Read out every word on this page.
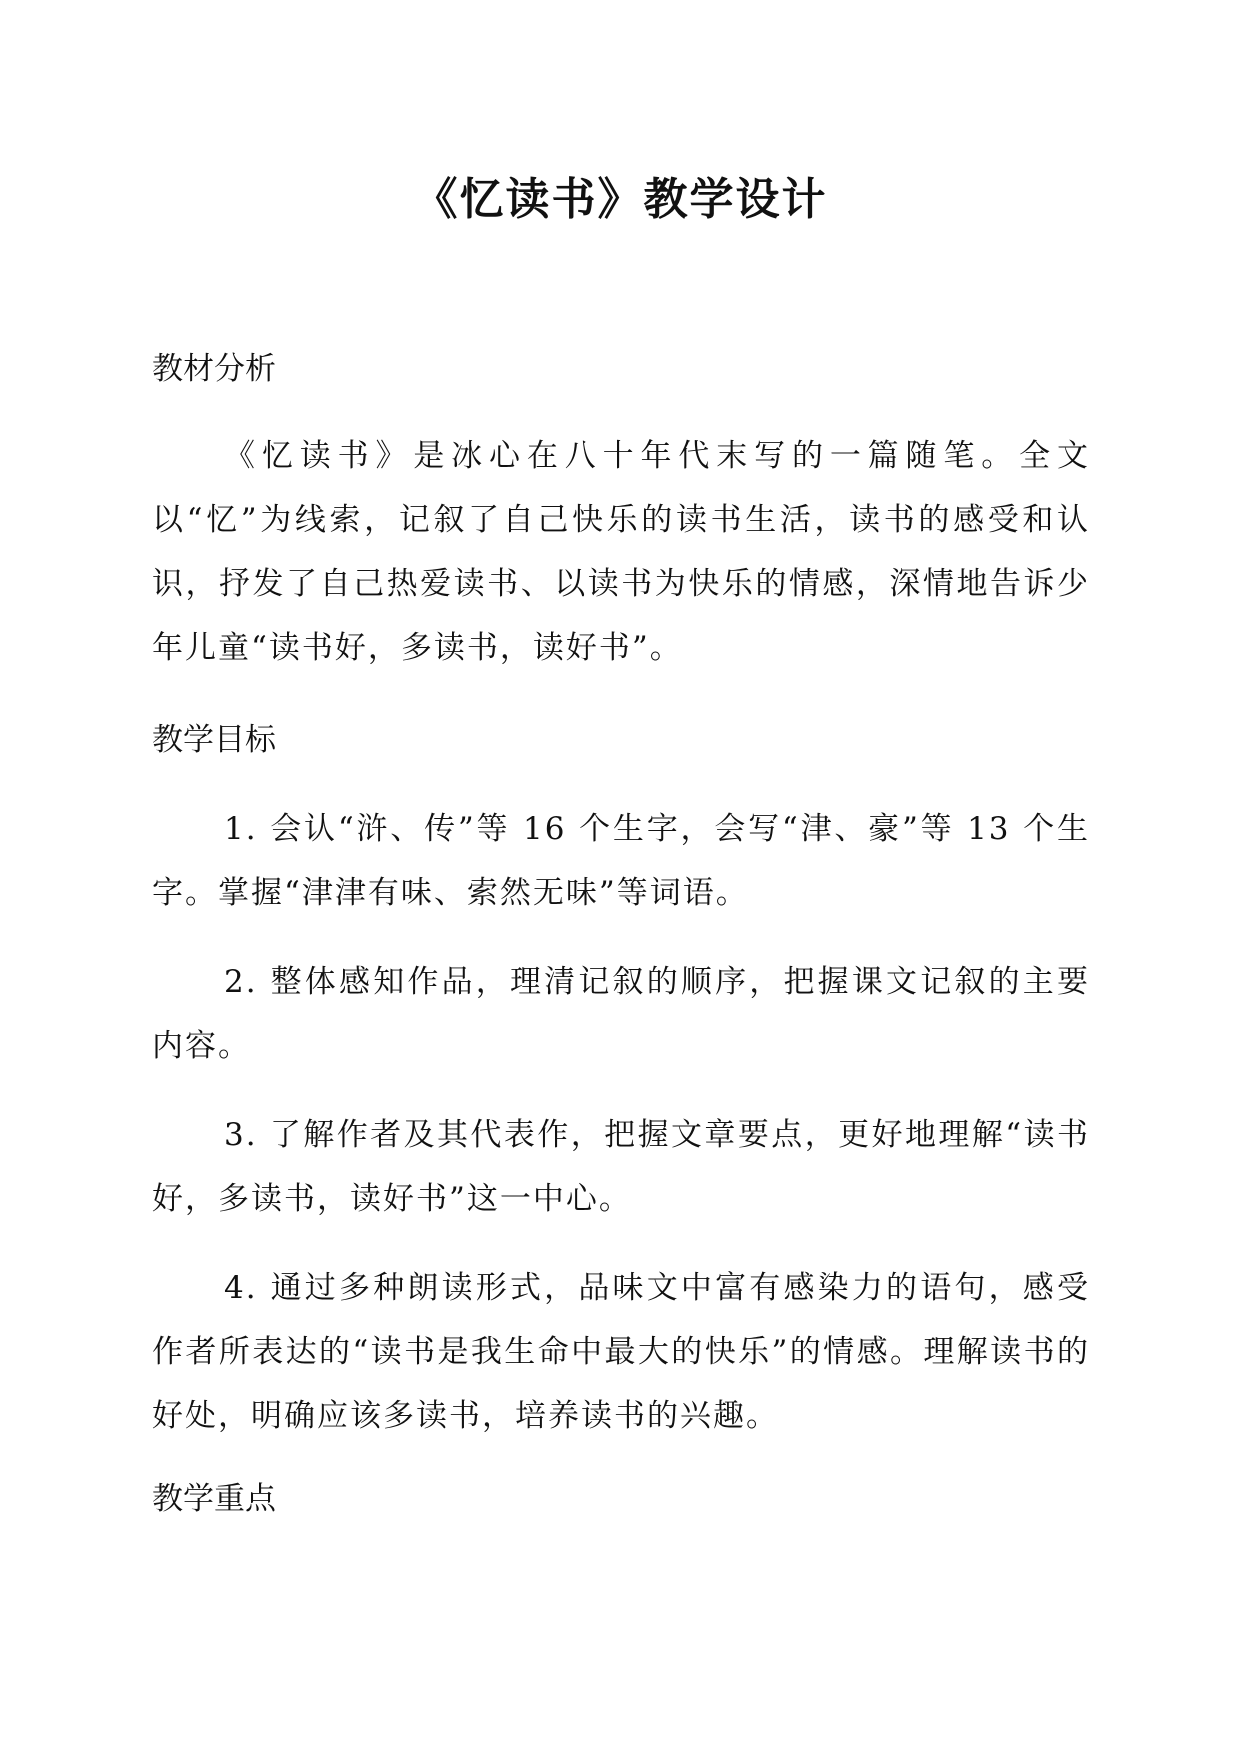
《忆读书》教学设计
教材分析

《忆读书》是冰心在八十年代末写的一篇随笔。全文以“忆”为线索，记叙了自己快乐的读书生活，读书的感受和认识，抒发了自己热爱读书、以读书为快乐的情感，深情地告诉少年儿童“读书好，多读书，读好书”。

教学目标

1. 会认“浒、传”等 16 个生字，会写“津、豪”等 13 个生字。掌握“津津有味、索然无味”等词语。

2. 整体感知作品，理清记叙的顺序，把握课文记叙的主要内容。

3. 了解作者及其代表作，把握文章要点，更好地理解“读书好，多读书，读好书”这一中心。

4. 通过多种朗读形式，品味文中富有感染力的语句，感受作者所表达的“读书是我生命中最大的快乐”的情感。理解读书的好处，明确应该多读书，培养读书的兴趣。

教学重点
